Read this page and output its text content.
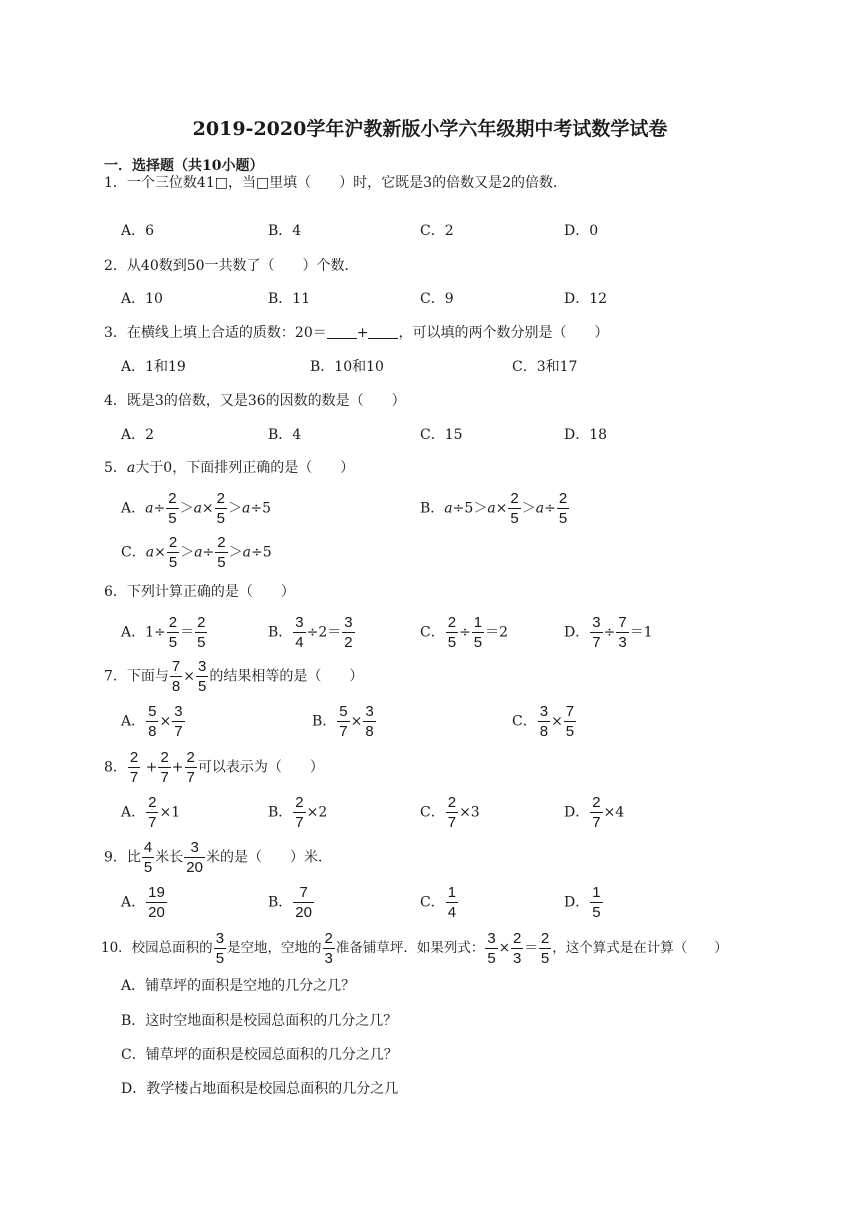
2019-2020学年沪教新版小学六年级期中考试数学试卷
一．选择题（共10小题）
1．一个三位数41□，当□里填（　　）时，它既是3的倍数又是2的倍数．
A．6	B．4	C．2	D．0
2．从40数到50一共数了（　　）个数．
A．10	B．11	C．9	D．12
3．在横线上填上合适的质数：20＝ + ，可以填的两个数分别是（　　）
A．1和19	B．10和10	C．3和17
4．既是3的倍数，又是36的因数的数是（　　）
A．2	B．4	C．15	D．18
5．a大于0，下面排列正确的是（　　）
A．$a\div \frac{2}{5} >a\times \frac{2}{5} >a\div 5$	B．$a\div 5>a\times \frac{2}{5} >a\div \frac{2}{5}$
C．$a\times \frac{2}{5} >a\div \frac{2}{5} >a\div 5$
6．下列计算正确的是（　　）
A．$1\div \frac{2}{5} = \frac{2}{5}$	B． $\frac{3}{4} \div 2= \frac{3}{2}$	C． $\frac{2}{5} \div \frac{1}{5} =2$	D． $\frac{3}{7} \div \frac{7}{3} =1$
7．下面与 $\frac{7}{8} \times \frac{3}{5}$ 的结果相等的是（　　）
A． $\frac{5}{8} \times \frac{3}{7}$	B． $\frac{5}{7} \times \frac{3}{8}$	C． $\frac{3}{8} \times \frac{7}{5}$
8． $\frac{2}{7} + \frac{2}{7} + \frac{2}{7}$ 可以表示为（　　）
A． $\frac{2}{7} \times 1$	B． $\frac{2}{7} \times 2$	C． $\frac{2}{7} \times 3$	D． $\frac{2}{7} \times 4$
9．比 $\frac{4}{5}$ 米长 $\frac{3}{20}$ 米的是（　　）米．
A． $\frac{19}{20}$	B． $\frac{7}{20}$	C． $\frac{1}{4}$	D． $\frac{1}{5}$
10．校园总面积的 $\frac{3}{5}$ 是空地，空地的 $\frac{2}{3}$ 准备铺草坪．如果列式： $\frac{3}{5} \times \frac{2}{3} = \frac{2}{5}$ ，这个算式是在计算（　　）
A．铺草坪的面积是空地的几分之几？
B．这时空地面积是校园总面积的几分之几？
C．铺草坪的面积是校园总面积的几分之几？
D．教学楼占地面积是校园总面积的几分之几
